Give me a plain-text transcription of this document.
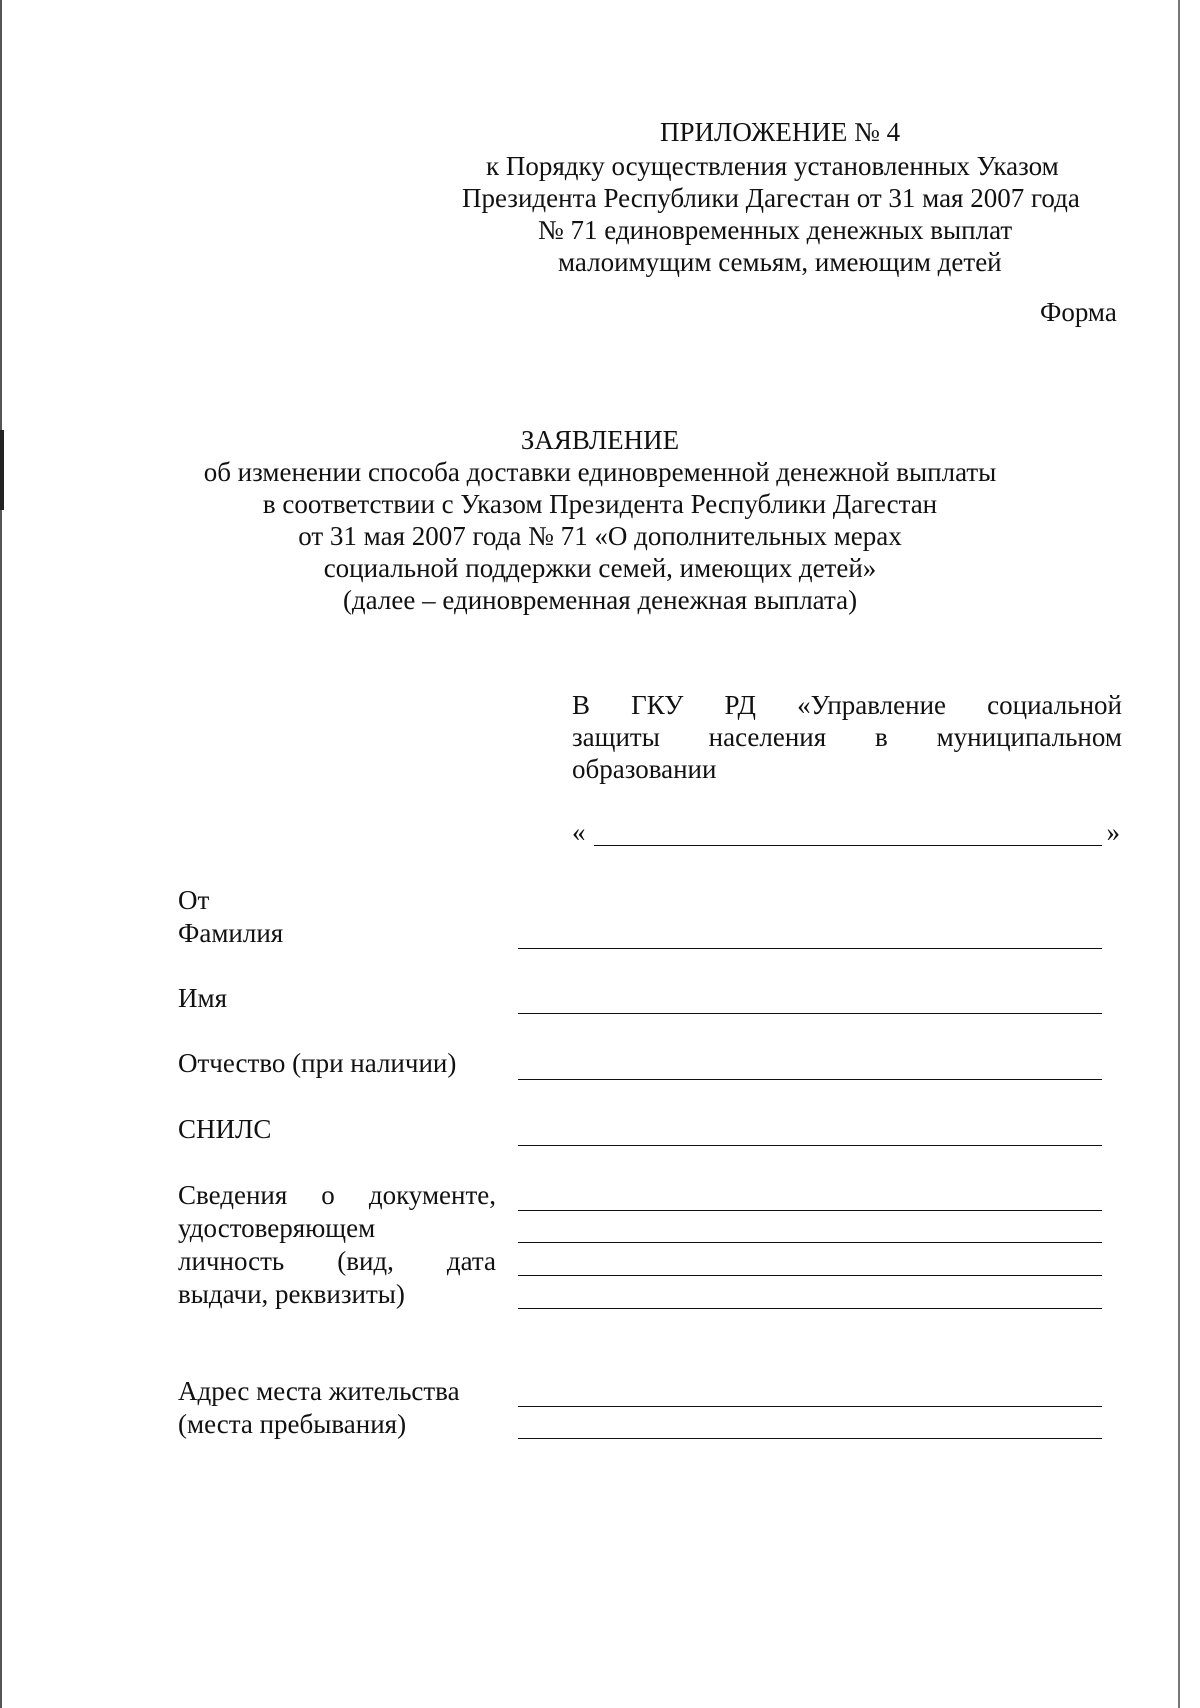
ПРИЛОЖЕНИЕ № 4
к Порядку осуществления установленных Указом
Президента Республики Дагестан от 31 мая 2007 года
№ 71 единовременных денежных выплат
малоимущим семьям, имеющим детей
Форма
ЗАЯВЛЕНИЕ
об изменении способа доставки единовременной денежной выплаты
в соответствии с Указом Президента Республики Дагестан
от 31 мая 2007 года № 71 «О дополнительных мерах
социальной поддержки семей, имеющих детей»
(далее – единовременная денежная выплата)
В ГКУ РД «Управление социальной
защиты населения в муниципальном
образовании
«	»
От
Фамилия
Имя
Отчество (при наличии)
СНИЛС
Сведения о документе,
удостоверяющем
личность (вид, дата
выдачи, реквизиты)
Адрес места жительства
(места пребывания)
